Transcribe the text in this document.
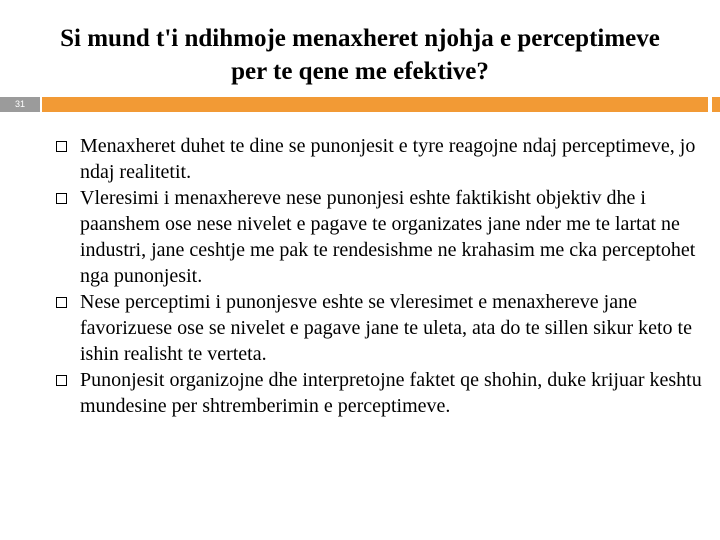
Si mund t'i ndihmoje menaxheret njohja e perceptimeve per te qene me efektive?
31
Menaxheret duhet te dine se punonjesit e tyre reagojne ndaj perceptimeve, jo ndaj realitetit.
Vleresimi i menaxhereve nese punonjesi eshte faktikisht objektiv dhe i paanshem ose nese nivelet e pagave te organizates jane nder me te lartat ne industri, jane ceshtje me pak te rendesishme ne krahasim me cka perceptohet nga punonjesit.
Nese perceptimi i punonjesve eshte se vleresimet e menaxhereve jane favorizuese ose se nivelet e pagave jane te uleta, ata do te sillen sikur keto te ishin realisht te verteta.
Punonjesit organizojne dhe interpretojne faktet qe shohin, duke krijuar keshtu mundesine per shtremberimin e perceptimeve.
